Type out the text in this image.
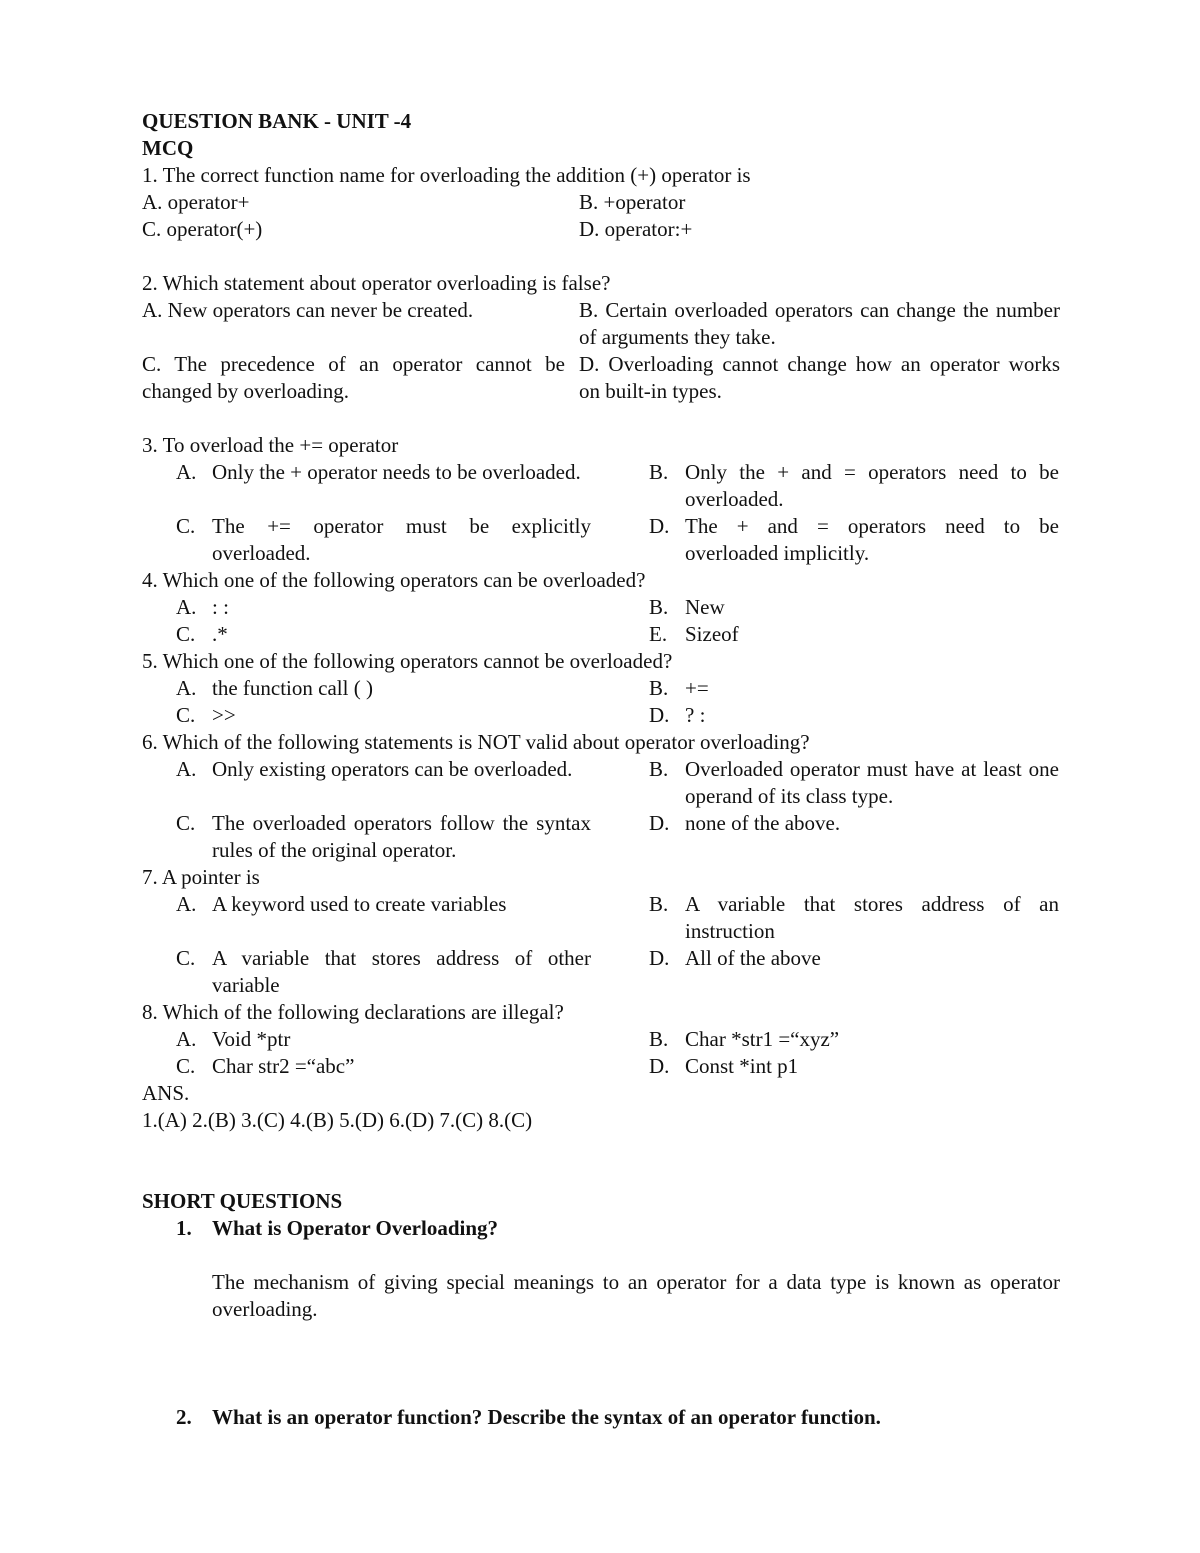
QUESTION BANK - UNIT -4
MCQ
1. The correct function name for overloading the addition (+) operator is
A. operator+	B. +operator
C. operator(+)	D. operator:+
2. Which statement about operator overloading is false?
A. New operators can never be created.	B. Certain overloaded operators can change the number of arguments they take.
C. The precedence of an operator cannot be changed by overloading.
D. Overloading cannot change how an operator works on built-in types.
3. To overload the += operator
A. Only the + operator needs to be overloaded.	B. Only the + and = operators need to be overloaded.
C. The += operator must be explicitly overloaded.
D. The + and = operators need to be overloaded implicitly.
4. Which one of the following operators can be overloaded?
A. : :	B. New
C. .*	E. Sizeof
5. Which one of the following operators cannot be overloaded?
A. the function call ( )	B. +=
C. >>	D. ? :
6. Which of the following statements is NOT valid about operator overloading?
A. Only existing operators can be overloaded.	B. Overloaded operator must have at least one operand of its class type.
C. The overloaded operators follow the syntax rules of the original operator.
D. none of the above.
7. A pointer is
A. A keyword used to create variables	B. A variable that stores address of an instruction
C. A variable that stores address of other variable
D. All of the above
8. Which of the following declarations are illegal?
A. Void *ptr	B. Char *str1 =“xyz”
C. Char str2 =“abc”	D. Const *int p1
ANS.
1.(A) 2.(B) 3.(C) 4.(B) 5.(D) 6.(D) 7.(C) 8.(C)
SHORT QUESTIONS
1. What is Operator Overloading?
The mechanism of giving special meanings to an operator for a data type is known as operator overloading.
2. What is an operator function? Describe the syntax of an operator function.
